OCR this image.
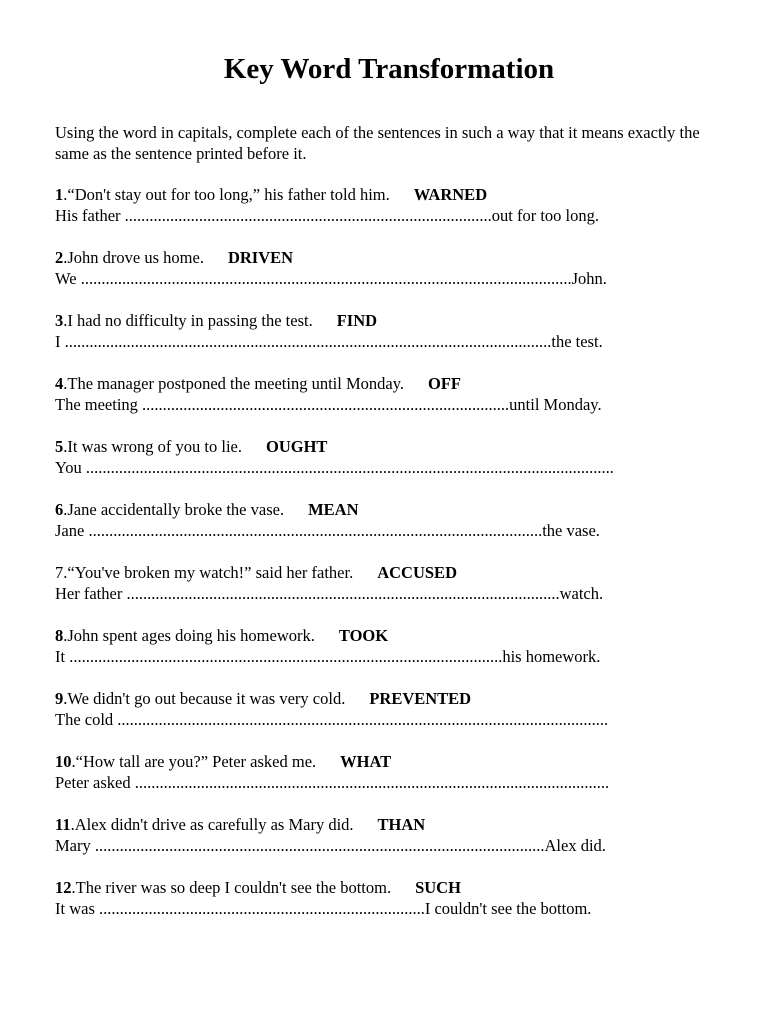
Key Word Transformation
Using the word in capitals, complete each of the sentences in such a way that it means exactly the same as the sentence printed before it.
1.“Don't stay out for too long,” his father told him. WARNED
His father .........................................................................................out for too long.
2.John drove us home. DRIVEN
We .......................................................................................................................John.
3.I had no difficulty in passing the test. FIND
I ......................................................................................................................the test.
4.The manager postponed the meeting until Monday. OFF
The meeting .........................................................................................until Monday.
5.It was wrong of you to lie. OUGHT
You ................................................................................................................................
6.Jane accidentally broke the vase. MEAN
Jane ..............................................................................................................the vase.
7.“You've broken my watch!” said her father. ACCUSED
Her father .........................................................................................................watch.
8.John spent ages doing his homework. TOOK
It .........................................................................................................his homework.
9.We didn't go out because it was very cold. PREVENTED
The cold .......................................................................................................................
10.“How tall are you?” Peter asked me. WHAT
Peter asked ...................................................................................................................
11.Alex didn't drive as carefully as Mary did. THAN
Mary .............................................................................................................Alex did.
12.The river was so deep I couldn't see the bottom. SUCH
It was ...............................................................................I couldn't see the bottom.
